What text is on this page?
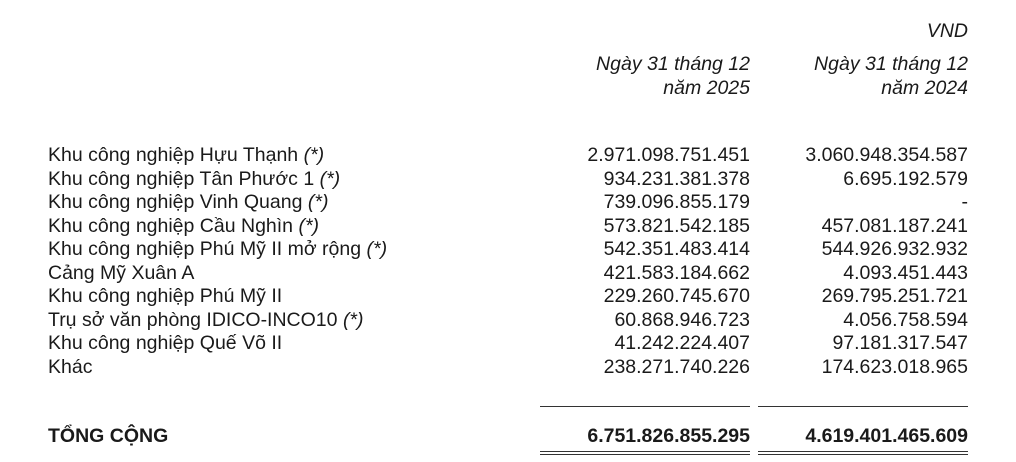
VND
Ngày 31 tháng 12
năm 2025
Ngày 31 tháng 12
năm 2024
Khu công nghiệp Hựu Thạnh (*)	2.971.098.751.451	3.060.948.354.587
Khu công nghiệp Tân Phước 1 (*)	934.231.381.378	6.695.192.579
Khu công nghiệp Vinh Quang (*)	739.096.855.179	-
Khu công nghiệp Cầu Nghìn (*)	573.821.542.185	457.081.187.241
Khu công nghiệp Phú Mỹ II mở rộng (*)	542.351.483.414	544.926.932.932
Cảng Mỹ Xuân A	421.583.184.662	4.093.451.443
Khu công nghiệp Phú Mỹ II	229.260.745.670	269.795.251.721
Trụ sở văn phòng IDICO-INCO10 (*)	60.868.946.723	4.056.758.594
Khu công nghiệp Quế Võ II	41.242.224.407	97.181.317.547
Khác	238.271.740.226	174.623.018.965
TỔNG CỘNG	6.751.826.855.295	4.619.401.465.609
